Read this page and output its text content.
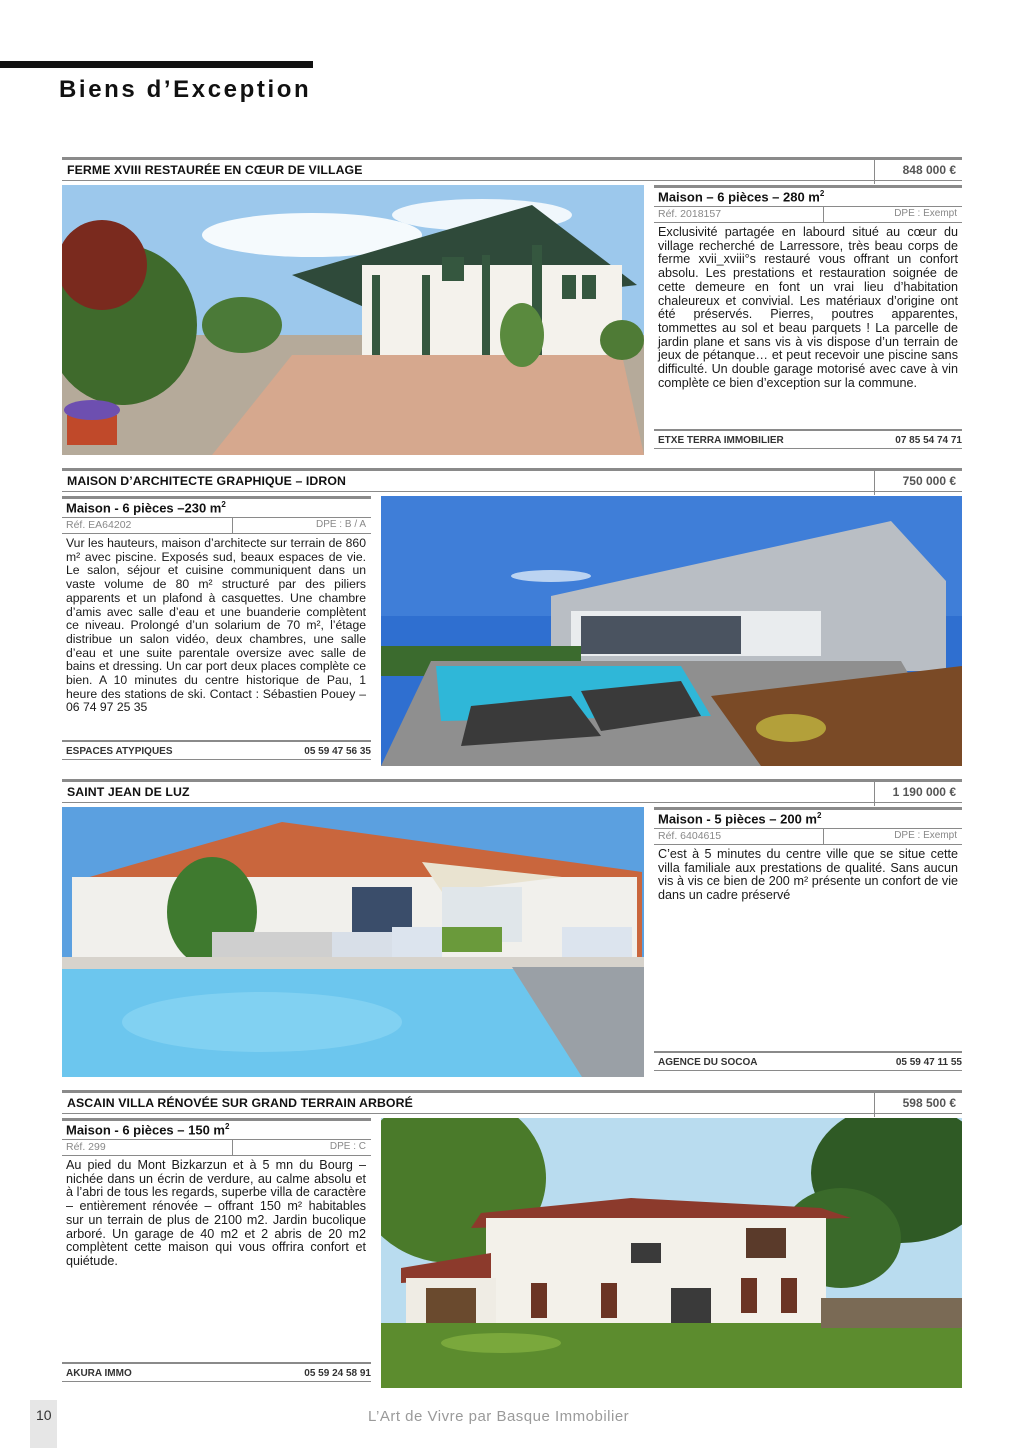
Biens d’Exception
FERME XVIII RESTAURÉE EN CŒUR DE VILLAGE	848 000 €
Maison – 6 pièces – 280 $m^2$
Réf. 2018157	DPE : Exempt

Exclusivité partagée en labourd situé au cœur du village recherché de Larressore, très beau corps de ferme xvii_xviii°s restauré vous offrant un confort absolu. Les prestations et restauration soignée de cette demeure en font un vrai lieu d’habitation chaleureux et convivial. Les matériaux d’origine ont été préservés. Pierres, poutres apparentes, tommettes au sol et beau parquets ! La parcelle de jardin plane et sans vis à vis dispose d’un terrain de jeux de pétanque… et peut recevoir une piscine sans difficulté. Un double garage motorisé avec cave à vin complète ce bien d’exception sur la commune.

ETXE TERRA IMMOBILIER	07 85 54 74 71
MAISON D’ARCHITECTE GRAPHIQUE – IDRON	750 000 €
Maison - 6 pièces –230 $m^2$
Réf. EA64202	DPE : B / A

Vur les hauteurs, maison d’architecte sur terrain de 860 m² avec piscine. Exposés sud, beaux espaces de vie. Le salon, séjour et cuisine communiquent dans un vaste volume de 80 m² structuré par des piliers apparents et un plafond à casquettes. Une chambre d’amis avec salle d’eau et une buanderie complètent ce niveau. Prolongé d’un solarium de 70 m², l’étage distribue un salon vidéo, deux chambres, une salle d’eau et une suite parentale oversize avec salle de bains et dressing. Un car port deux places complète ce bien. A 10 minutes du centre historique de Pau, 1 heure des stations de ski. Contact : Sébastien Pouey – 06 74 97 25 35

ESPACES ATYPIQUES	05 59 47 56 35
SAINT JEAN DE LUZ	1 190 000 €
Maison - 5 pièces – 200 $m^2$
Réf. 6404615	DPE : Exempt

C’est à 5 minutes du centre ville que se situe cette villa familiale aux prestations de qualité. Sans aucun vis à vis ce bien de 200 m² présente un confort de vie dans un cadre préservé

AGENCE DU SOCOA	05 59 47 11 55
ASCAIN VILLA RÉNOVÉE SUR GRAND TERRAIN ARBORÉ	598 500 €
Maison - 6 pièces – 150 $m^2$
Réf. 299	DPE : C

Au pied du Mont Bizkarzun et à 5 mn du Bourg – nichée dans un écrin de verdure, au calme absolu et à l’abri de tous les regards, superbe villa de caractère – entièrement rénovée – offrant 150 m² habitables sur un terrain de plus de 2100 m2. Jardin bucolique arboré. Un garage de 40 m2 et 2 abris de 20 m2 complètent cette maison qui vous offrira confort et quiétude.

AKURA IMMO	05 59 24 58 91
10	L’Art de Vivre par Basque Immobilier
